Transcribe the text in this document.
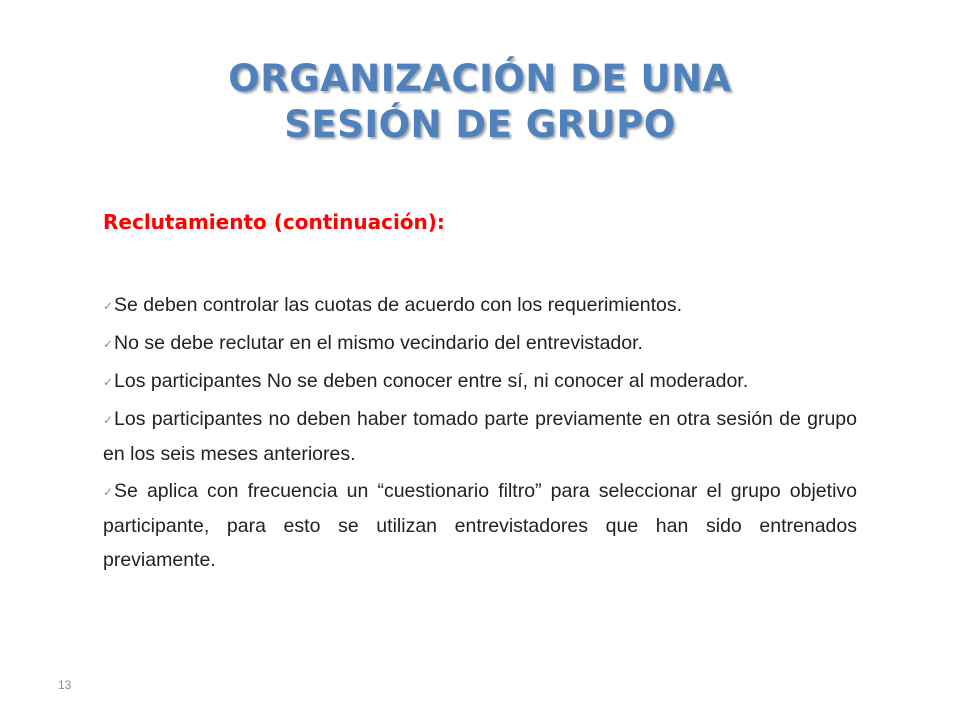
ORGANIZACIÓN DE UNA
SESIÓN DE GRUPO
Reclutamiento (continuación):
✓Se deben controlar las cuotas de acuerdo con los requerimientos.
✓No se debe reclutar en el mismo vecindario del entrevistador.
✓Los participantes No se deben conocer entre sí, ni conocer al moderador.
✓Los participantes no deben haber tomado parte previamente en otra sesión de grupo en los seis meses anteriores.
✓Se aplica con frecuencia un “cuestionario filtro” para seleccionar el grupo objetivo participante, para esto se utilizan entrevistadores que han sido entrenados previamente.
13
